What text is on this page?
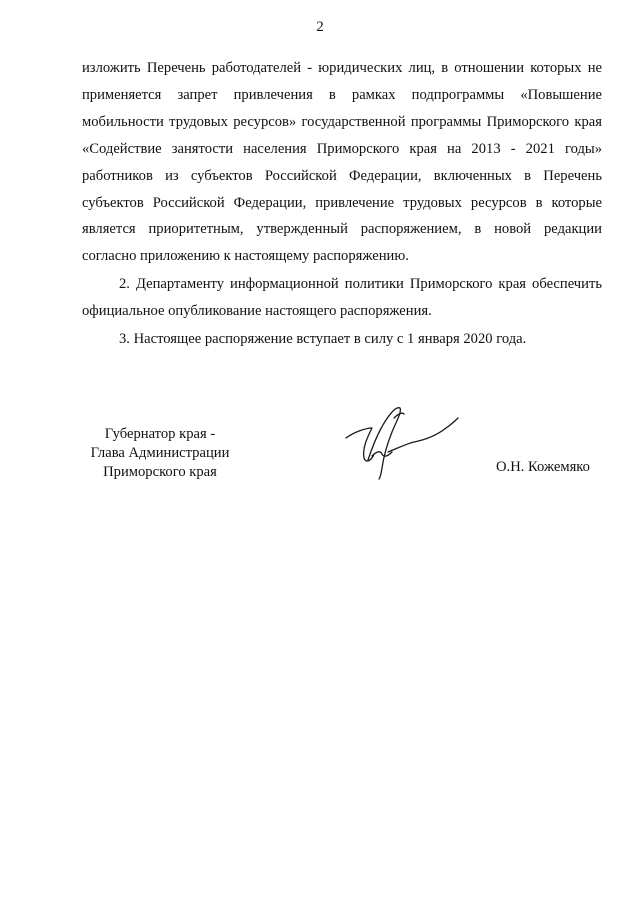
2

изложить Перечень работодателей - юридических лиц, в отношении которых не применяется запрет привлечения в рамках подпрограммы «Повышение мобильности трудовых ресурсов» государственной программы Приморского края «Содействие занятости населения Приморского края на 2013 - 2021 годы» работников из субъектов Российской Федерации, включенных в Перечень субъектов Российской Федерации, привлечение трудовых ресурсов в которые является приоритетным, утвержденный распоряжением, в новой редакции согласно приложению к настоящему распоряжению.

2. Департаменту информационной политики Приморского края обеспечить официальное опубликование настоящего распоряжения.

3. Настоящее распоряжение вступает в силу с 1 января 2020 года.

Губернатор края -
Глава Администрации
Приморского края	О.Н. Кожемяко
